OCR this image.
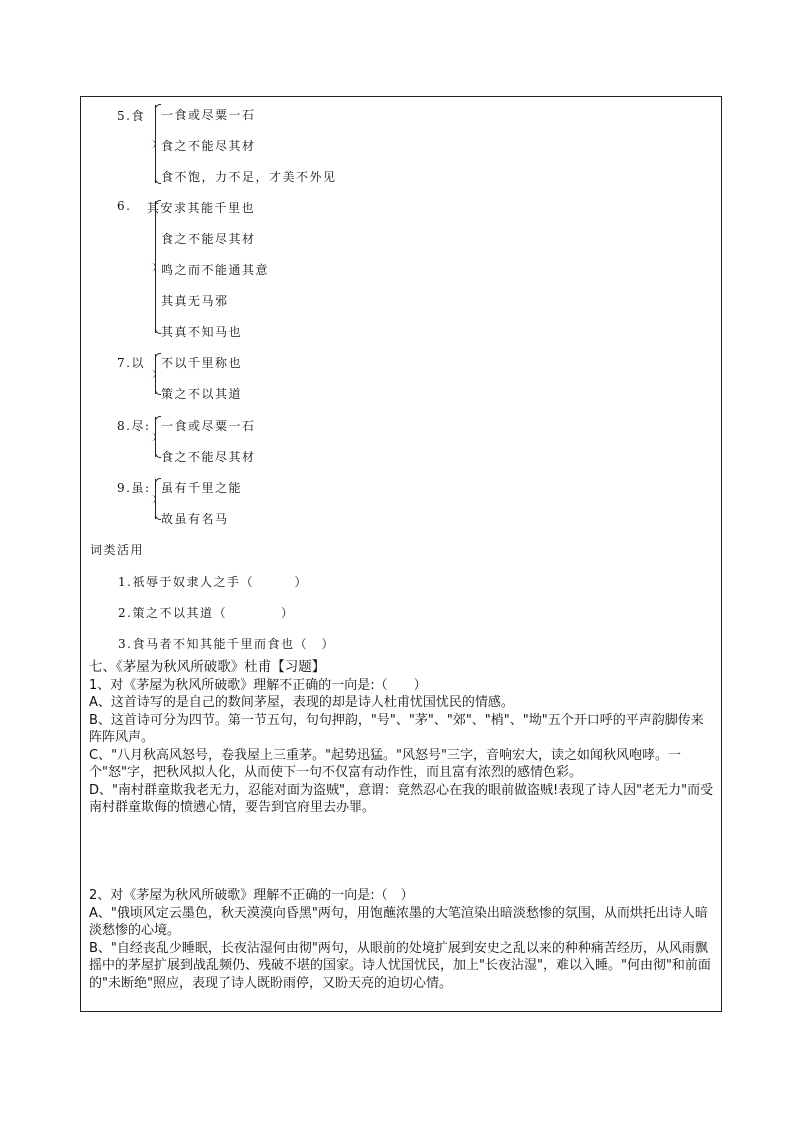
5.食 一食或尽粟一石
食之不能尽其材
食不饱，力不足，才美不外见
6. 其安求其能千里也
食之不能尽其材
鸣之而不能通其意
其真无马邪
其真不知马也
7.以 不以千里称也
策之不以其道
8.尽: 一食或尽粟一石
食之不能尽其材
9.虽: 虽有千里之能
故虽有名马
词类活用
1.祇辱于奴隶人之手（　　　）
2.策之不以其道（　　　　）
3.食马者不知其能千里而食也（　）

七、《茅屋为秋风所破歌》杜甫【习题】

1、对《茅屋为秋风所破歌》理解不正确的一向是:（　　）

A、这首诗写的是自己的数间茅屋，表现的却是诗人杜甫忧国忧民的情感。

B、这首诗可分为四节。第一节五句，句句押韵，"号"、"茅"、"郊"、"梢"、"坳"五个开口呼的平声韵脚传来阵阵风声。

C、"八月秋高风怒号，卷我屋上三重茅。"起势迅猛。"风怒号"三字，音响宏大，读之如闻秋风咆哮。一个"怒"字，把秋风拟人化，从而使下一句不仅富有动作性，而且富有浓烈的感情色彩。

D、"南村群童欺我老无力，忍能对面为盗贼"，意谓：竟然忍心在我的眼前做盗贼!表现了诗人因"老无力"而受南村群童欺侮的愤懑心情，要告到官府里去办罪。

2、对《茅屋为秋风所破歌》理解不正确的一向是:（　）

A、"俄顷风定云墨色，秋天漠漠向昏黑"两句，用饱蘸浓墨的大笔渲染出暗淡愁惨的氛围，从而烘托出诗人暗淡愁惨的心境。

B、"自经丧乱少睡眠，长夜沾湿何由彻"两句，从眼前的处境扩展到安史之乱以来的种种痛苦经历，从风雨飘摇中的茅屋扩展到战乱频仍、残破不堪的国家。诗人忧国忧民，加上"长夜沾湿"，难以入睡。"何由彻"和前面的"未断绝"照应，表现了诗人既盼雨停，又盼天亮的迫切心情。
